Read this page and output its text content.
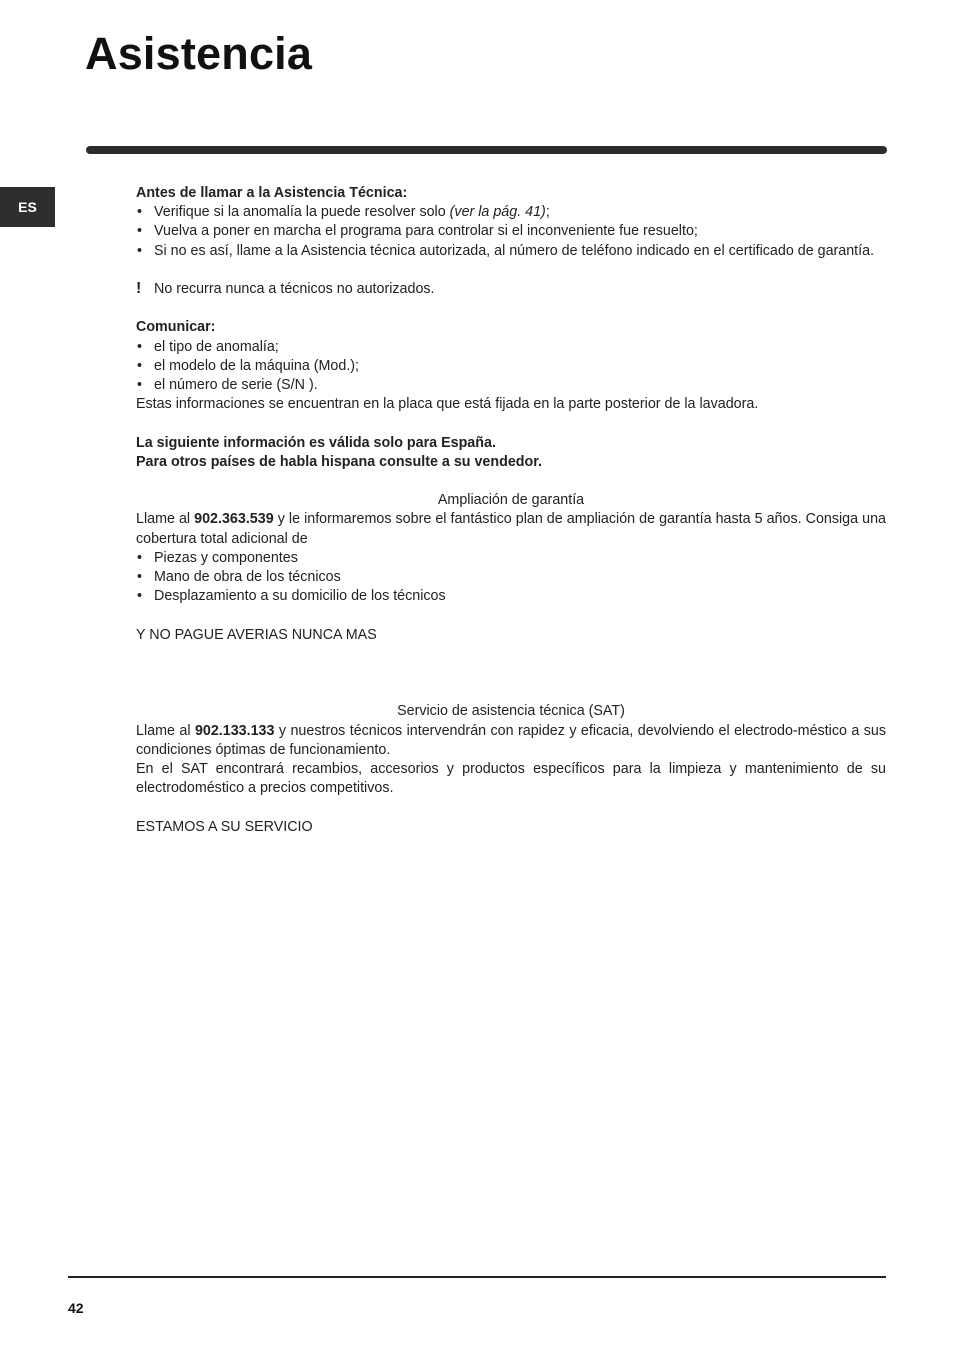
Asistencia
ES

Antes de llamar a la Asistencia Técnica:

• Verifique si la anomalía la puede resolver solo (ver la pág. 41);
• Vuelva a poner en marcha el programa para controlar si el inconveniente fue resuelto;
• Si no es así, llame a la Asistencia técnica autorizada, al número de teléfono indicado en el certificado de garantía.

! No recurra nunca a técnicos no autorizados.

Comunicar:

• el tipo de anomalía;
• el modelo de la máquina (Mod.);
• el número de serie (S/N ).

Estas informaciones se encuentran en la placa que está fijada en la parte posterior de la lavadora.

La siguiente información es válida solo para España.

Para otros países de habla hispana consulte a su vendedor.

Ampliación de garantía

Llame al 902.363.539 y le informaremos sobre el fantástico plan de ampliación de garantía hasta 5 años. Consiga una cobertura total adicional de

• Piezas y componentes
• Mano de obra de los técnicos
• Desplazamiento a su domicilio de los técnicos

Y NO PAGUE AVERIAS NUNCA MAS

Servicio de asistencia técnica (SAT)

Llame al 902.133.133 y nuestros técnicos intervendrán con rapidez y eficacia, devolviendo el electrodo-méstico a sus condiciones óptimas de funcionamiento.

En el SAT encontrará recambios, accesorios y productos específicos para la limpieza y mantenimiento de su electrodoméstico a precios competitivos.

ESTAMOS A SU SERVICIO

42
